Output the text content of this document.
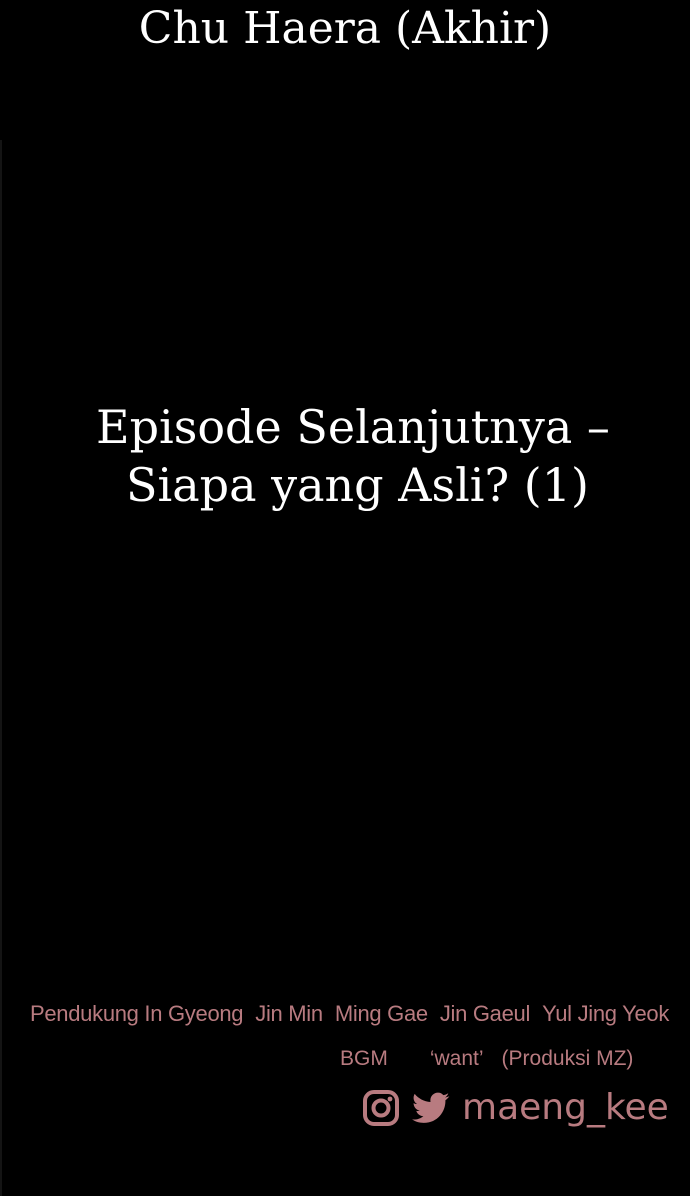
Chu Haera (Akhir)
Episode Selanjutnya –
Siapa yang Asli? (1)
Pendukung In Gyeong Jin Min Ming Gae Jin Gaeul Yul Jing Yeok
BGM ‘want’ (Produksi MZ)
maeng_kee
